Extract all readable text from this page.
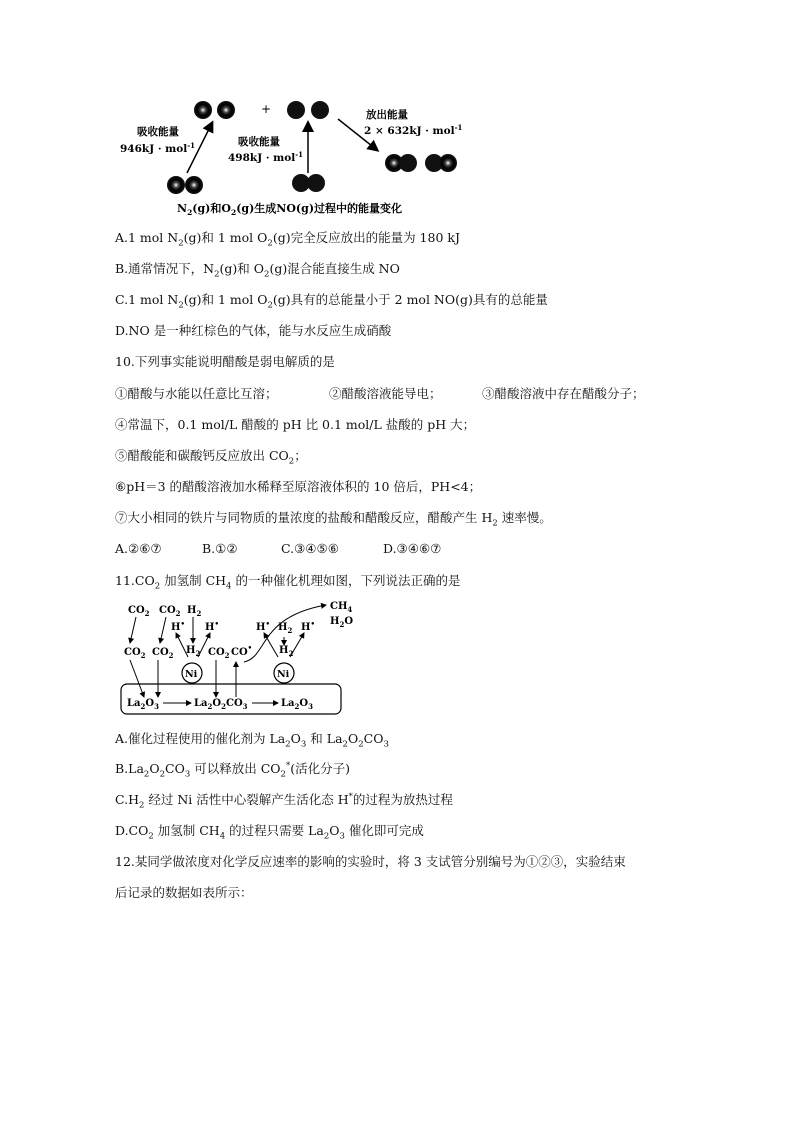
+
吸收能量
946kJ · mol$^{-1}$	吸收能量
498kJ · mol$^{-1}$
放出能量
2 × 632kJ · mol$^{-1}$
$N_2(g)$和$O_2(g)$生成NO(g)过程中的能量变化
A.1 mol $N_2(g)$和 1 mol $O_2(g)$完全反应放出的能量为 180 kJ
B.通常情况下，$N_2(g)$和 $O_2(g)$混合能直接生成 NO
C.1 mol $N_2(g)$和 1 mol $O_2(g)$具有的总能量小于 2 mol NO(g)具有的总能量
D.NO 是一种红棕色的气体，能与水反应生成硝酸
10.下列事实能说明醋酸是弱电解质的是
①醋酸与水能以任意比互溶；	②醋酸溶液能导电；	③醋酸溶液中存在醋酸分子；
④常温下，0.1 mol/L 醋酸的 pH 比 0.1 mol/L 盐酸的 pH 大；
⑤醋酸能和碳酸钙反应放出 $CO_2$；
⑥pH＝3 的醋酸溶液加水稀释至原溶液体积的 10 倍后，PH<4；
⑦大小相同的铁片与同物质的量浓度的盐酸和醋酸反应，醋酸产生 $H_2$ 速率慢。
A.②⑥⑦	B.①②	C.③④⑤⑥	D.③④⑥⑦
$11.CO_2$ 加氢制 $CH_4$ 的一种催化机理如图，下列说法正确的是
$CO_2$ $CO_2$ $H_2$
$CH_4$
$H_2O$
H• H•	H• $H_2$ H•
$CO_2$ $CO_2$ $H_2$ $CO_2$ CO•	$H_2$
Ni	Ni
$La_2O_3$	$La_2O_2CO_3$	$La_2O_3$
A.催化过程使用的催化剂为 $La_2O_3$ 和 $La_2O_2CO_3$
$B.La_2O_2CO_3$ 可以释放出 $CO_2^*$(活化分子)
$C.H_2$ 经过 Ni 活性中心裂解产生活化态 H*的过程为放热过程
$D.CO_2$ 加氢制 $CH_4$ 的过程只需要 $La_2O_3$ 催化即可完成
12.某同学做浓度对化学反应速率的影响的实验时，将 3 支试管分别编号为①②③，实验结束
后记录的数据如表所示：
